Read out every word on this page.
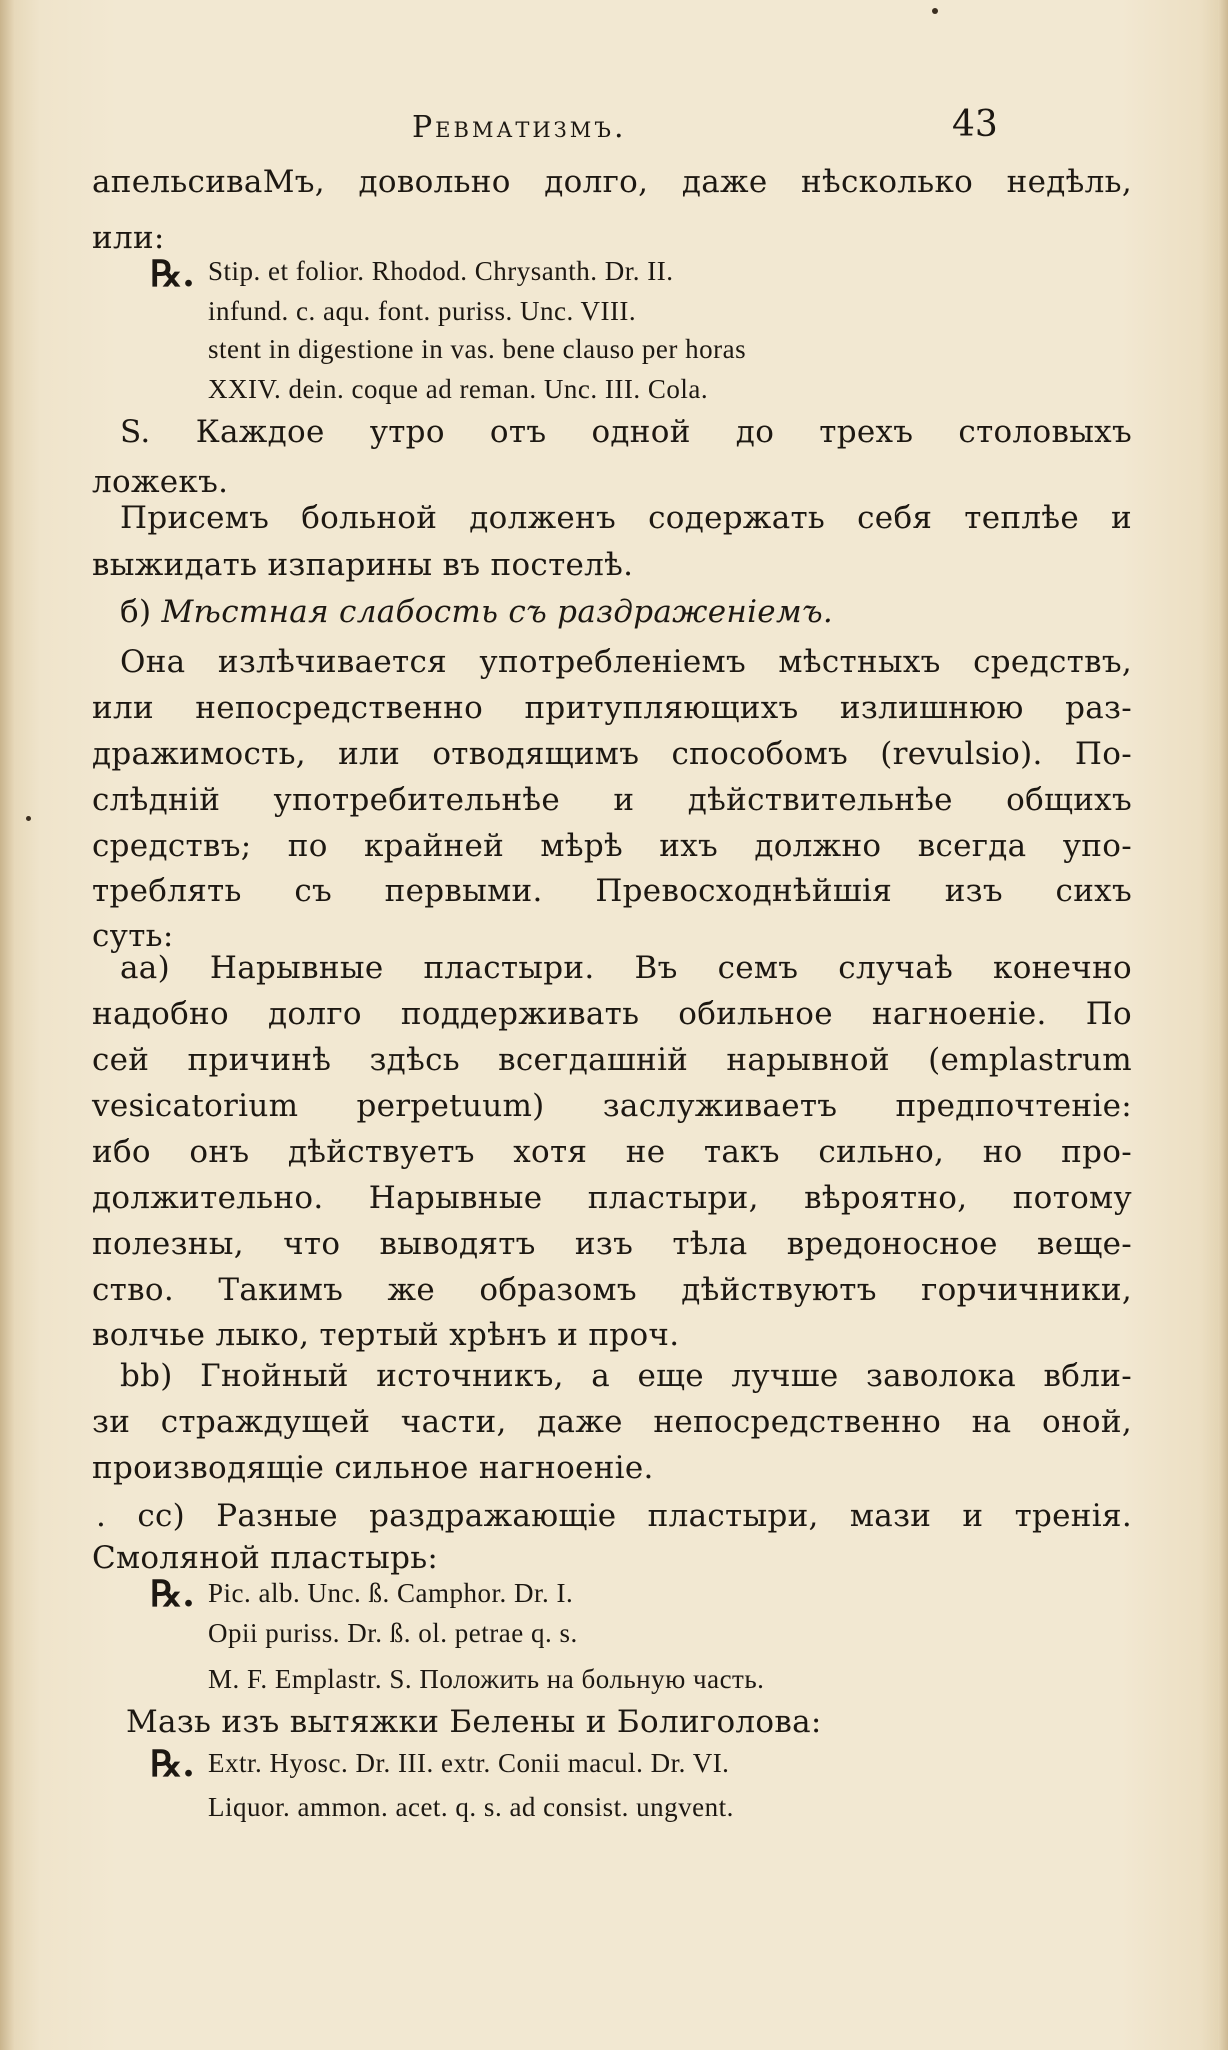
Ревматизмъ.	43
апельсиваМъ, довольно долго, даже нѣсколько недѣль,
или:
℞. Stip. et folior. Rhodod. Chrysanth. Dr. II.
infund. c. aqu. font. puriss. Unc. VIII.
stent in digestione in vas. bene clauso per horas
XXIV. dein. coque ad reman. Unc. III. Cola.
S. Каждое утро отъ одной до трехъ столовыхъ
ложекъ.
Присемъ больной долженъ содержать себя теплѣе и
выжидать изпарины въ постелѣ.
б) Мѣстная слабость съ раздраженіемъ.
Она излѣчивается употребленіемъ мѣстныхъ средствъ,
или непосредственно притупляющихъ излишнюю раз-
дражимость, или отводящимъ способомъ (revulsio). По-
слѣдній употребительнѣе и дѣйствительнѣе общихъ
средствъ; по крайней мѣрѣ ихъ должно всегда упо-
треблять съ первыми. Превосходнѣйшія изъ сихъ
суть:
аа) Нарывные пластыри. Въ семъ случаѣ конечно
надобно долго поддерживать обильное нагноеніе. По
сей причинѣ здѣсь всегдашній нарывной (emplastrum
vesicatorium perpetuum) заслуживаетъ предпочтеніе:
ибо онъ дѣйствуетъ хотя не такъ сильно, но про-
должительно. Нарывные пластыри, вѣроятно, потому
полезны, что выводятъ изъ тѣла вредоносное веще-
ство. Такимъ же образомъ дѣйствуютъ горчичники,
волчье лыко, тертый хрѣнъ и проч.
bb) Гнойный источникъ, а еще лучше заволока вбли-
зи страждущей части, даже непосредственно на оной,
производящіе сильное нагноеніе.
. cc) Разные раздражающіе пластыри, мази и тренія.
Смоляной пластырь:
℞. Pic. alb. Unc. ß. Camphor. Dr. I.
Opii puriss. Dr. ß. ol. petrae q. s.
M. F. Emplastr. S. Положить на больную часть.
Мазь изъ вытяжки Белены и Болиголова:
℞. Extr. Hyosc. Dr. III. extr. Conii macul. Dr. VI.
Liquor. ammon. acet. q. s. ad consist. ungvent.
